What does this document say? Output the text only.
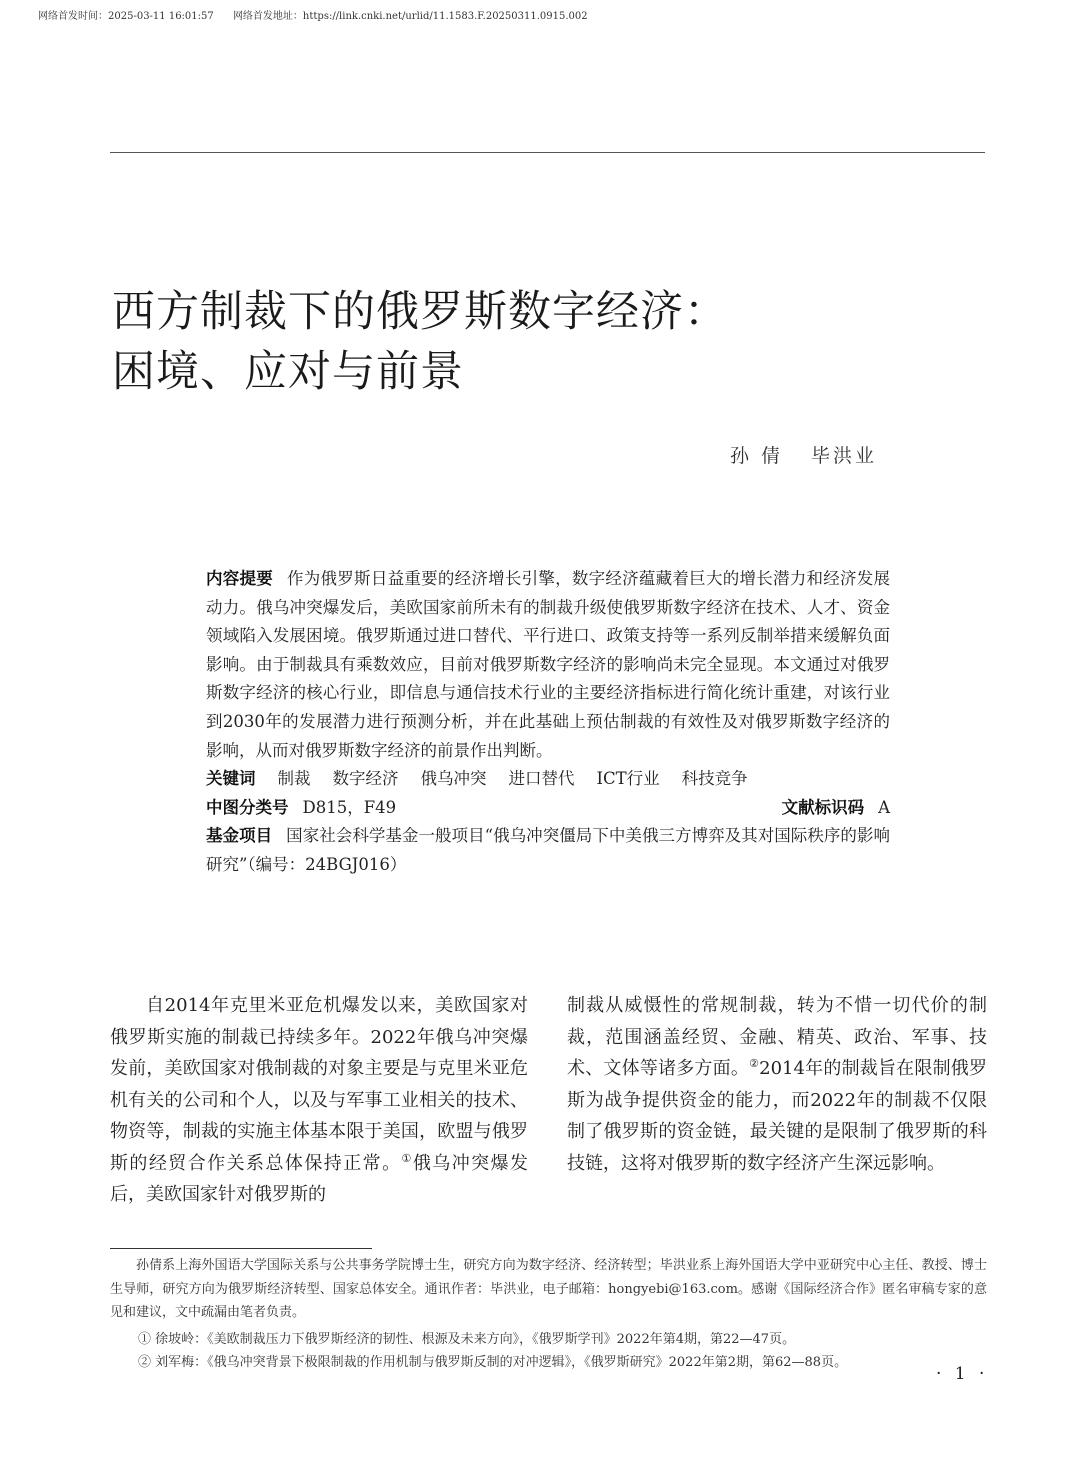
网络首发时间：2025-03-11 16:01:57 网络首发地址：https://link.cnki.net/urlid/11.1583.F.20250311.0915.002
西方制裁下的俄罗斯数字经济：
困境、应对与前景
孙 倩 毕洪业
内容提要 作为俄罗斯日益重要的经济增长引擎，数字经济蕴藏着巨大的增长潜力和经济发展动力。俄乌冲突爆发后，美欧国家前所未有的制裁升级使俄罗斯数字经济在技术、人才、资金领域陷入发展困境。俄罗斯通过进口替代、平行进口、政策支持等一系列反制举措来缓解负面影响。由于制裁具有乘数效应，目前对俄罗斯数字经济的影响尚未完全显现。本文通过对俄罗斯数字经济的核心行业，即信息与通信技术行业的主要经济指标进行简化统计重建，对该行业到2030年的发展潜力进行预测分析，并在此基础上预估制裁的有效性及对俄罗斯数字经济的影响，从而对俄罗斯数字经济的前景作出判断。
关键词 制裁 数字经济 俄乌冲突 进口替代 ICT行业 科技竞争
中图分类号 D815，F49	文献标识码 A
基金项目 国家社会科学基金一般项目“俄乌冲突僵局下中美俄三方博弈及其对国际秩序的影响研究”（编号：24BGJ016）
自2014年克里米亚危机爆发以来，美欧国家对俄罗斯实施的制裁已持续多年。2022年俄乌冲突爆发前，美欧国家对俄制裁的对象主要是与克里米亚危机有关的公司和个人，以及与军事工业相关的技术、物资等，制裁的实施主体基本限于美国，欧盟与俄罗斯的经贸合作关系总体保持正常。①俄乌冲突爆发后，美欧国家针对俄罗斯的
制裁从威慑性的常规制裁，转为不惜一切代价的制裁，范围涵盖经贸、金融、精英、政治、军事、技术、文体等诸多方面。②2014年的制裁旨在限制俄罗斯为战争提供资金的能力，而2022年的制裁不仅限制了俄罗斯的资金链，最关键的是限制了俄罗斯的科技链，这将对俄罗斯的数字经济产生深远影响。

孙倩系上海外国语大学国际关系与公共事务学院博士生，研究方向为数字经济、经济转型；毕洪业系上海外国语大学中亚研究中心主任、教授、博士生导师，研究方向为俄罗斯经济转型、国家总体安全。通讯作者：毕洪业，电子邮箱：hongyebi@163.com。感谢《国际经济合作》匿名审稿专家的意见和建议，文中疏漏由笔者负责。

① 徐坡岭：《美欧制裁压力下俄罗斯经济的韧性、根源及未来方向》，《俄罗斯学刊》2022年第4期，第22—47页。

② 刘军梅：《俄乌冲突背景下极限制裁的作用机制与俄罗斯反制的对冲逻辑》，《俄罗斯研究》2022年第2期，第62—88页。

· 1 ·
